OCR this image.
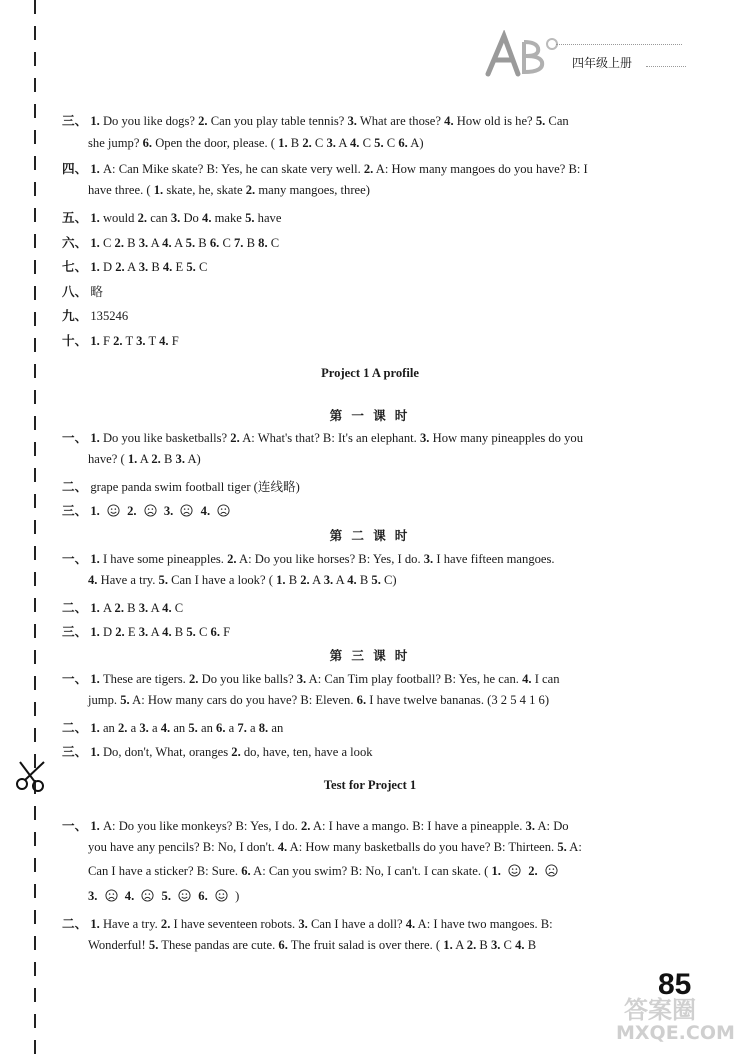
四年级上册
三、 1. Do you like dogs? 2. Can you play table tennis? 3. What are those? 4. How old is he? 5. Can
she jump? 6. Open the door, please. ( 1. B 2. C 3. A 4. C 5. C 6. A)
四、 1. A: Can Mike skate? B: Yes, he can skate very well. 2. A: How many mangoes do you have? B: I
have three. ( 1. skate, he, skate 2. many mangoes, three)
五、 1. would 2. can 3. Do 4. make 5. have
六、 1. C 2. B 3. A 4. A 5. B 6. C 7. B 8. C
七、 1. D 2. A 3. B 4. E 5. C
八、 略
九、 135246
十、 1. F 2. T 3. T 4. F
Project 1 A profile
第 一 课 时
一、 1. Do you like basketballs? 2. A: What's that? B: It's an elephant. 3. How many pineapples do you
have? ( 1. A 2. B 3. A)
二、 grape panda swim football tiger (连线略)
三、 1. 2. 3. 4.
第 二 课 时
一、 1. I have some pineapples. 2. A: Do you like horses? B: Yes, I do. 3. I have fifteen mangoes.
4. Have a try. 5. Can I have a look? ( 1. B 2. A 3. A 4. B 5. C)
二、 1. A 2. B 3. A 4. C
三、 1. D 2. E 3. A 4. B 5. C 6. F
第 三 课 时
一、 1. These are tigers. 2. Do you like balls? 3. A: Can Tim play football? B: Yes, he can. 4. I can
jump. 5. A: How many cars do you have? B: Eleven. 6. I have twelve bananas. (3 2 5 4 1 6)
二、 1. an 2. a 3. a 4. an 5. an 6. a 7. a 8. an
三、 1. Do, don't, What, oranges 2. do, have, ten, have a look
Test for Project 1
一、 1. A: Do you like monkeys? B: Yes, I do. 2. A: I have a mango. B: I have a pineapple. 3. A: Do
you have any pencils? B: No, I don't. 4. A: How many basketballs do you have? B: Thirteen. 5. A:
Can I have a sticker? B: Sure. 6. A: Can you swim? B: No, I can't. I can skate. ( 1. 2.
3. 4. 5. 6. )
二、 1. Have a try. 2. I have seventeen robots. 3. Can I have a doll? 4. A: I have two mangoes. B:
Wonderful! 5. These pandas are cute. 6. The fruit salad is over there. ( 1. A 2. B 3. C 4. B
85
答案圈
MXQE.COM
